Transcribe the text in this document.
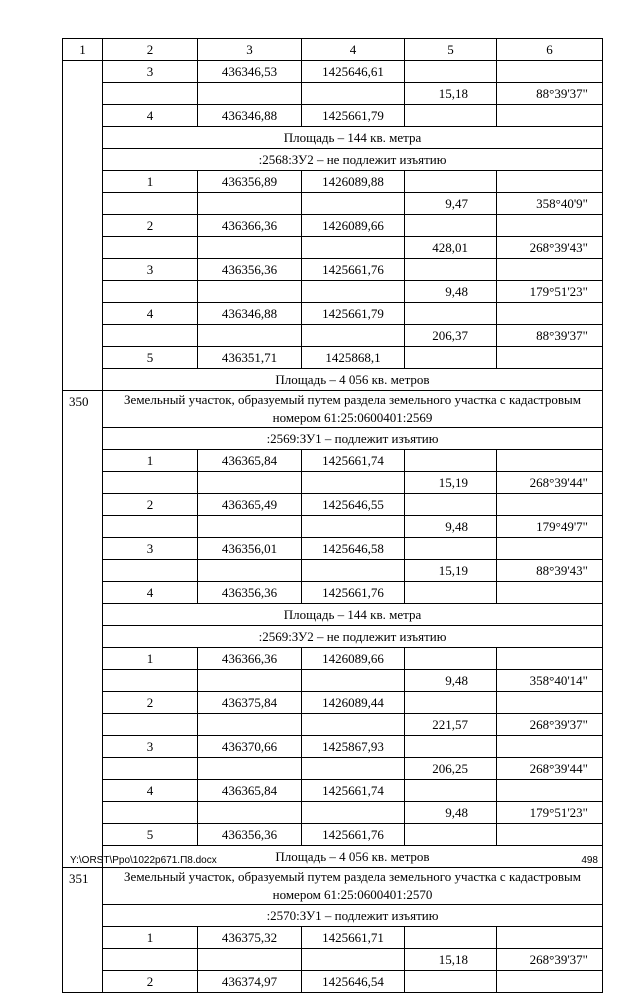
1	2	3	4	5	6
	3	436346,53	1425646,61		
				15,18	88°39'37"
	4	436346,88	1425661,79		
	Площадь – 144 кв. метра				
	:2568:ЗУ2 – не подлежит изъятию				
	1	436356,89	1426089,88		
				9,47	358°40'9"
	2	436366,36	1426089,66		
				428,01	268°39'43"
	3	436356,36	1425661,76		
				9,48	179°51'23"
	4	436346,88	1425661,79		
				206,37	88°39'37"
	5	436351,71	1425868,1		
	Площадь – 4 056 кв. метров				
350	Земельный участок, образуемый путем раздела земельного участка с кадастровым номером 61:25:0600401:2569				
	:2569:ЗУ1 – подлежит изъятию				
	1	436365,84	1425661,74		
				15,19	268°39'44"
	2	436365,49	1425646,55		
				9,48	179°49'7"
	3	436356,01	1425646,58		
				15,19	88°39'43"
	4	436356,36	1425661,76		
	Площадь – 144 кв. метра				
	:2569:ЗУ2 – не подлежит изъятию				
	1	436366,36	1426089,66		
				9,48	358°40'14"
	2	436375,84	1426089,44		
				221,57	268°39'37"
	3	436370,66	1425867,93		
				206,25	268°39'44"
	4	436365,84	1425661,74		
				9,48	179°51'23"
	5	436356,36	1425661,76		
	Площадь – 4 056 кв. метров				
351	Земельный участок, образуемый путем раздела земельного участка с кадастровым номером 61:25:0600401:2570				
	:2570:ЗУ1 – подлежит изъятию				
	1	436375,32	1425661,71		
				15,18	268°39'37"
	2	436374,97	1425646,54		
Y:\ORST\Ppo\1022p671.П8.docx	498
